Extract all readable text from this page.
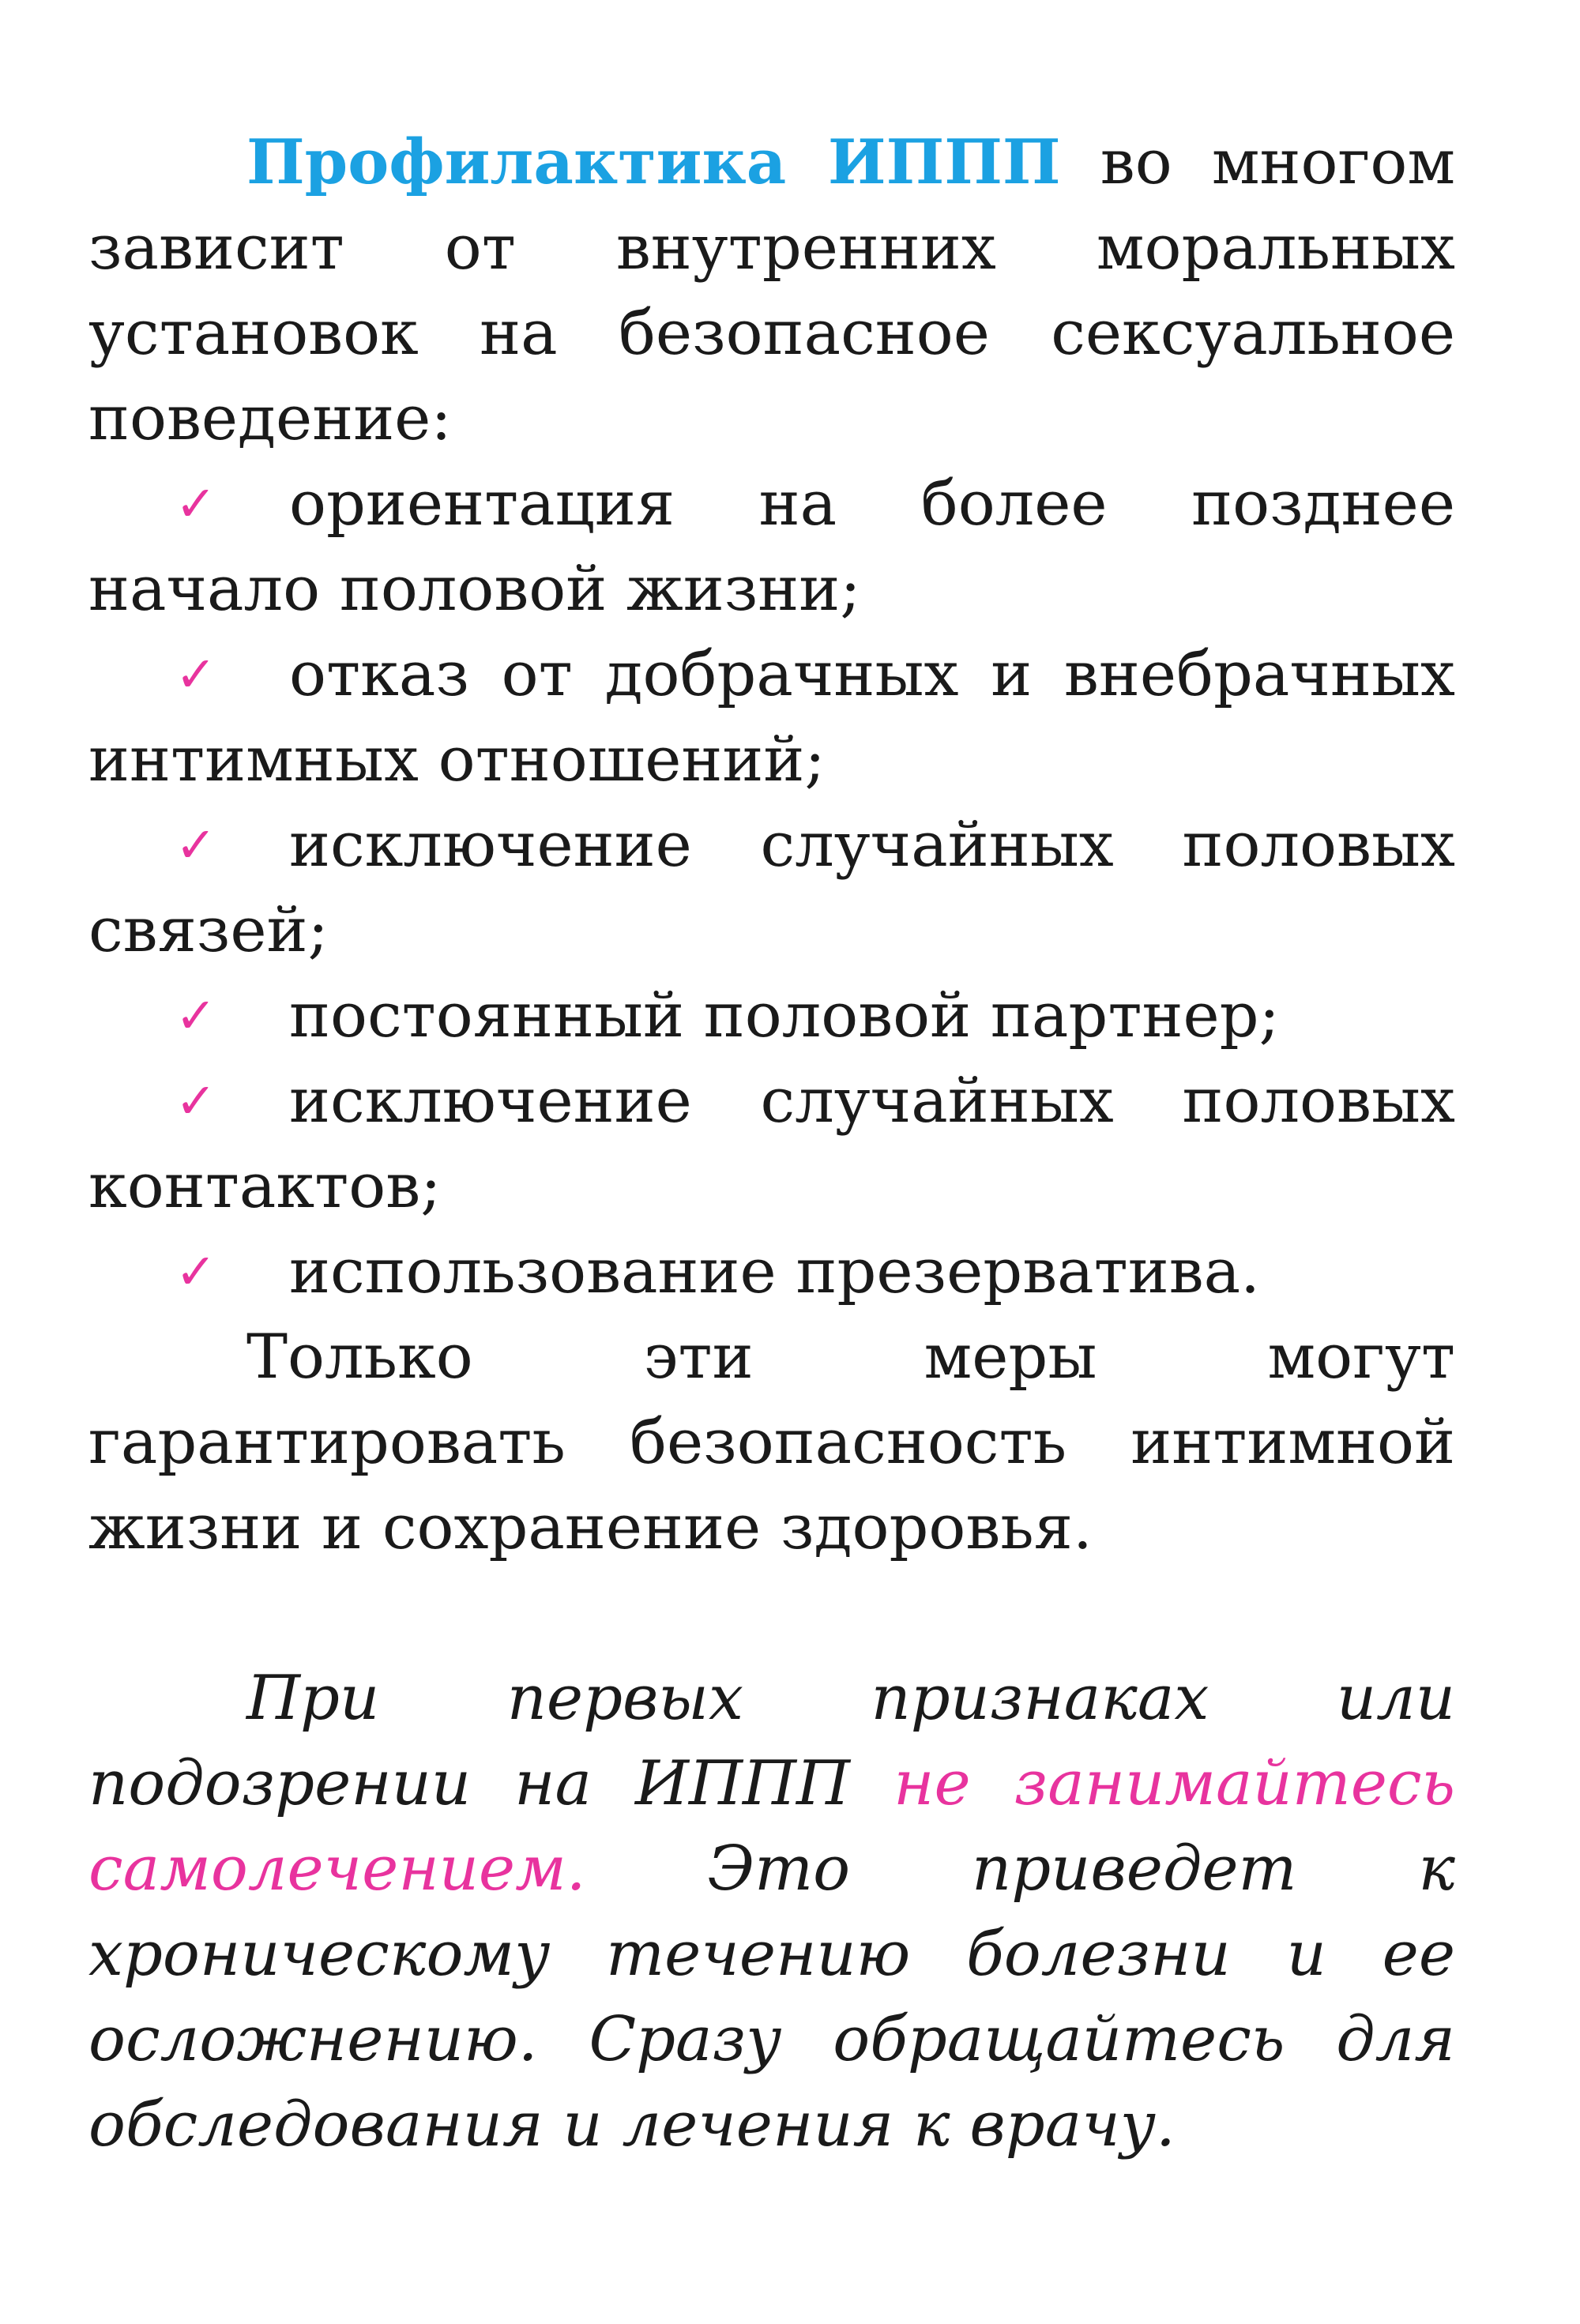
Профилактика ИППП во многом зависит от внутренних моральных установок на безопасное сексуальное поведение:

✓ ориентация на более позднее начало половой жизни;
✓ отказ от добрачных и внебрачных интимных отношений;
✓ исключение случайных половых связей;
✓ постоянный половой партнер;
✓ исключение случайных половых контактов;
✓ использование презерватива.

Только эти меры могут гарантировать безопасность интимной жизни и сохранение здоровья.

При первых признаках или подозрении на ИППП не занимайтесь самолечением. Это приведет к хроническому течению болезни и ее осложнению. Сразу обращайтесь для обследования и лечения к врачу.
